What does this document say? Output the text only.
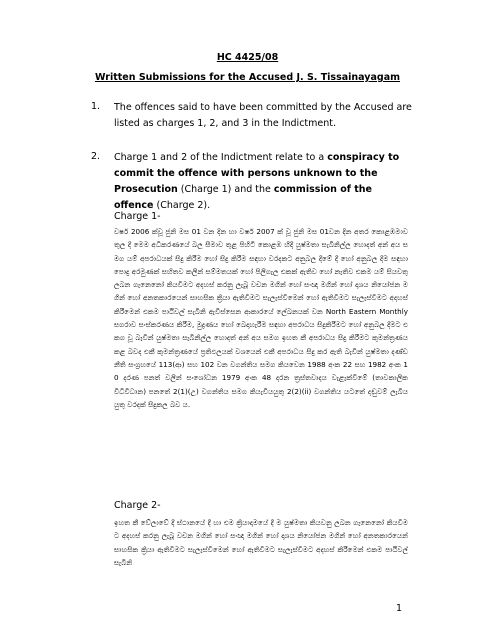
HC 4425/08
Written Submissions for the Accused J. S. Tissainayagam
1. The offences said to have been committed by the Accused are listed as charges 1, 2, and 3 in the Indictment.
2. Charge 1 and 2 of the Indictment relate to a conspiracy to commit the offence with persons unknown to the Prosecution (Charge 1) and the commission of the offence (Charge 2).
Charge 1-
වර්ෂ 2006 ක්වූ ජුනි මස 01 වන දින හා වර්ෂ 2007 ක් වූ ජුනි මස 01වන දින අතර කොළඹමාව තුල දී මෙම අධිකරණයේ බල සීමාව තුළ පිහිටි කොළඹ හිදී යුෂ්මතා සැබිනිල්ල හොදත් අන් අය සමග යම් අපරාධයක් සිදු කිරීම හෝ සිදු කිරීම සඳහා වරදකට අනුබල දීමේ දී හෝ අනුබල දීම සඳහා පොදු අරමුණක් සහිතව කලින් සම්මතයක් හෝ පිලිගැල එකක් ඇතිව හෝ නැතිව එකම යම් සියවතු ලබන ගැනෙනෝ කියවීමට අදහස් කරනු ලැබූ වචන මගින් හෝ සංඥා මගින් හෝ දෘශය නියෝජන මගින් හෝ අනතකාරයෙන් සාහසික ක්‍රියා ඇතිවීමට සැලැස්වීමෙන් හෝ ඇතිවීමට සැලැස්වීමට අදහස් කිරීමෙන් එකම පාඨිවල් සැබිනි ඇවිස්සෙන ආකාරයේ ලේඛනයක් වන North Eastern Monthly සගරාව සංස්කරණය කිරීම, මුද්‍රණය හෝ බෙදාහැරීම සඳහා අපරාධය සිදුකිරීමට හෝ අනුබල දීමට එකග වූ බැවින් යුෂ්මතා සැබිනිල්ල හොදත් අන් අය සමග ඉහත කී අපරාධය සිදු කිරීමට කුමන්ත්‍රණය කළ බවද එකී කුමන්ත්‍රණයේ ප්‍රතිඵලයක් වශයෙන් එකී අපරාධය සිදු කර ඇති බැවින් යුෂ්මතා දණ්ඩ නීති සංග්‍රහයේ 113(ආ) සහ 102 වන වගන්තිය සමග කියවෙන 1988 අංක 22 සහ 1982 අංක 10 දරණ පනත් වලින් සංශෝධන 1979 අංක 48 දරන ත්‍රස්තවාදය වැළැක්වීමේ (තාවකාලික විධිවිධාන) පනතේ 2(1)(උ) වගන්තිය සමග කියැවියයුතු 2(2)(ii) වගන්තිය යටතේ දඬුවම් ලැබිය යුතු වරදක් සිදුකල බව ය.
Charge 2-
ඉහත කී වේලාවේ දී ස්ථානයේ දී හා එම ක්‍රියාදාමයේ දී ම යුෂ්මතා කියවනු ලබන ගැනෙනෝ කියවීමට අදහස් කරනු ලැබූ වචන මගින් හෝ සංඥා මගින් හෝ දෘශය නියෝජන මගින් හෝ අනතකාරයෙන් සාහසික ක්‍රියා ඇතිවීමට සැලැස්වීමෙන් හෝ ඇතිවීමට සැලැස්වීමට අදහස් කිරීමෙන් එකම පාඨිවල් සැබිනි
1
